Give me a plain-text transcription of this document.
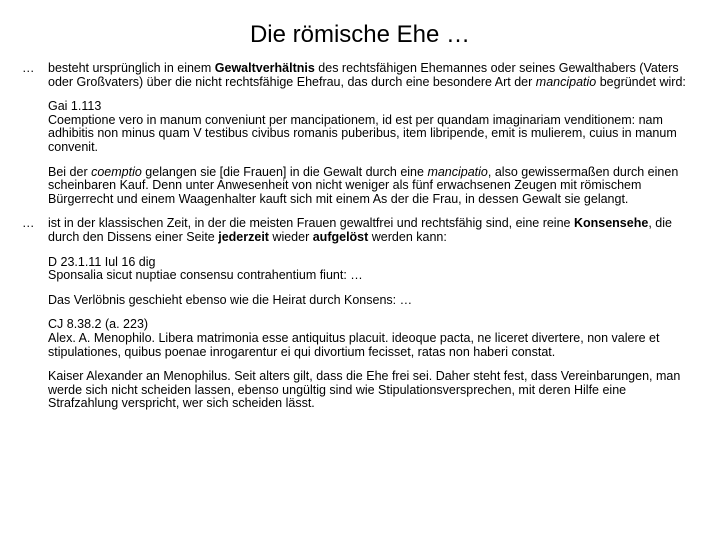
Die römische Ehe …
…	besteht ursprünglich in einem Gewaltverhältnis des rechtsfähigen Ehemannes oder seines Gewalthabers (Vaters oder Großvaters) über die nicht rechtsfähige Ehefrau, das durch eine besondere Art der mancipatio begründet wird:

Gai 1.113
Coemptione vero in manum conveniunt per mancipationem, id est per quandam imaginariam venditionem: nam adhibitis non minus quam V testibus civibus romanis puberibus, item libripende, emit is mulierem, cuius in manum convenit.

Bei der coemptio gelangen sie [die Frauen] in die Gewalt durch eine mancipatio, also gewissermaßen durch einen scheinbaren Kauf. Denn unter Anwesenheit von nicht weniger als fünf erwachsenen Zeugen mit römischem Bürgerrecht und einem Waagenhalter kauft sich mit einem As der die Frau, in dessen Gewalt sie gelangt.

…	ist in der klassischen Zeit, in der die meisten Frauen gewaltfrei und rechtsfähig sind, eine reine Konsensehe, die durch den Dissens einer Seite jederzeit wieder aufgelöst werden kann:

D 23.1.11 Iul 16 dig
Sponsalia sicut nuptiae consensu contrahentium fiunt: …

Das Verlöbnis geschieht ebenso wie die Heirat durch Konsens: …

CJ 8.38.2 (a. 223)
Alex. A. Menophilo. Libera matrimonia esse antiquitus placuit. ideoque pacta, ne liceret divertere, non valere et stipulationes, quibus poenae inrogarentur ei qui divortium fecisset, ratas non haberi constat.

Kaiser Alexander an Menophilus. Seit alters gilt, dass die Ehe frei sei. Daher steht fest, dass Vereinbarungen, man werde sich nicht scheiden lassen, ebenso ungültig sind wie Stipulationsversprechen, mit deren Hilfe eine Strafzahlung verspricht, wer sich scheiden lässt.
